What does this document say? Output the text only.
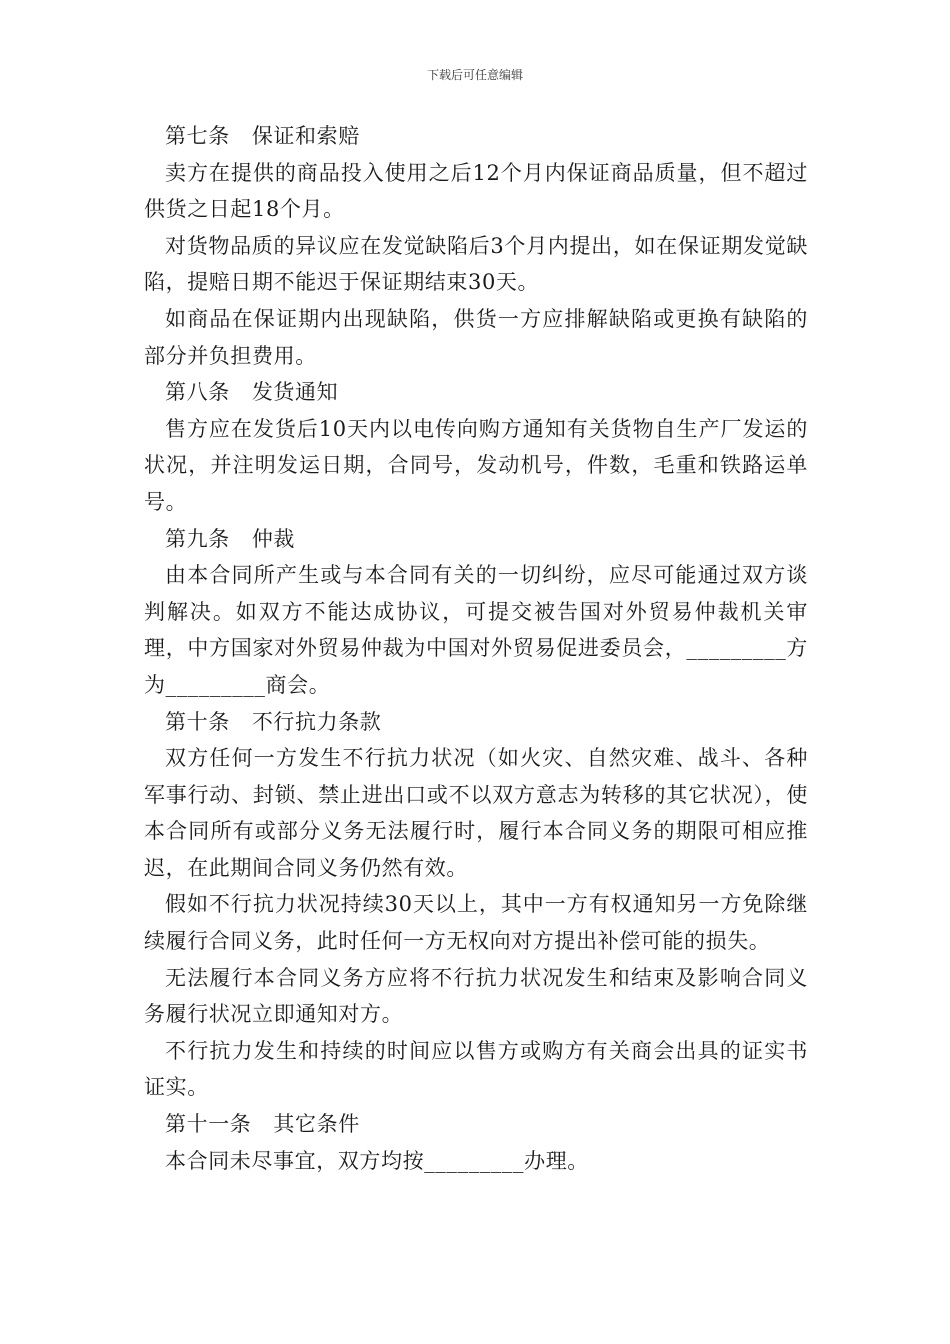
下载后可任意编辑

第七条 保证和索赔

卖方在提供的商品投入使用之后12个月内保证商品质量，但不超过供货之日起18个月。

对货物品质的异议应在发觉缺陷后3个月内提出，如在保证期发觉缺陷，提赔日期不能迟于保证期结束30天。

如商品在保证期内出现缺陷，供货一方应排解缺陷或更换有缺陷的部分并负担费用。

第八条 发货通知

售方应在发货后10天内以电传向购方通知有关货物自生产厂发运的状况，并注明发运日期，合同号，发动机号，件数，毛重和铁路运单号。

第九条 仲裁

由本合同所产生或与本合同有关的一切纠纷，应尽可能通过双方谈判解决。如双方不能达成协议，可提交被告国对外贸易仲裁机关审理，中方国家对外贸易仲裁为中国对外贸易促进委员会，_________方为_________商会。

第十条 不行抗力条款

双方任何一方发生不行抗力状况（如火灾、自然灾难、战斗、各种军事行动、封锁、禁止进出口或不以双方意志为转移的其它状况），使本合同所有或部分义务无法履行时，履行本合同义务的期限可相应推迟，在此期间合同义务仍然有效。

假如不行抗力状况持续30天以上，其中一方有权通知另一方免除继续履行合同义务，此时任何一方无权向对方提出补偿可能的损失。

无法履行本合同义务方应将不行抗力状况发生和结束及影响合同义务履行状况立即通知对方。

不行抗力发生和持续的时间应以售方或购方有关商会出具的证实书证实。

第十一条 其它条件

本合同未尽事宜，双方均按_________办理。
